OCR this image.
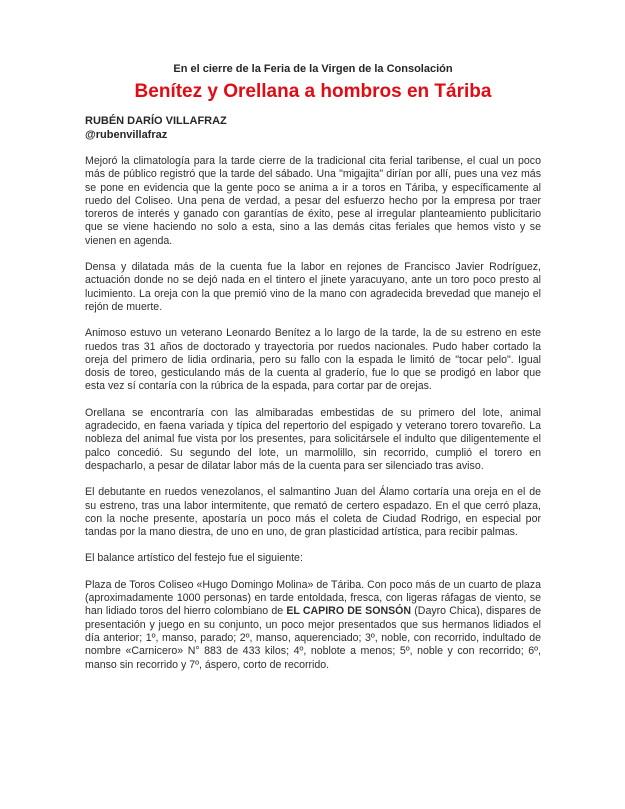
En el cierre de la Feria de la Virgen de la Consolación
Benítez y Orellana a hombros en Táriba
RUBÉN DARÍO VILLAFRAZ
@rubenvillafraz

Mejoró la climatología para la tarde cierre de la tradicional cita ferial taribense, el cual un poco más de público registró que la tarde del sábado. Una "migajita" dirían por allí, pues una vez más se pone en evidencia que la gente poco se anima a ir a toros en Táriba, y específicamente al ruedo del Coliseo. Una pena de verdad, a pesar del esfuerzo hecho por la empresa por traer toreros de interés y ganado con garantías de éxito, pese al irregular planteamiento publicitario que se viene haciendo no solo a esta, sino a las demás citas feriales que hemos visto y se vienen en agenda.

Densa y dilatada más de la cuenta fue la labor en rejones de Francisco Javier Rodríguez, actuación donde no se dejó nada en el tintero el jinete yaracuyano, ante un toro poco presto al lucimiento. La oreja con la que premió vino de la mano con agradecida brevedad que manejo el rejón de muerte.

Animoso estuvo un veterano Leonardo Benítez a lo largo de la tarde, la de su estreno en este ruedos tras 31 años de doctorado y trayectoria por ruedos nacionales. Pudo haber cortado la oreja del primero de lidia ordinaria, pero su fallo con la espada le limitó de "tocar pelo". Igual dosis de toreo, gesticulando más de la cuenta al graderío, fue lo que se prodigó en labor que esta vez sí contaría con la rúbrica de la espada, para cortar par de orejas.

Orellana se encontraría con las almibaradas embestidas de su primero del lote, animal agradecido, en faena variada y típica del repertorio del espigado y veterano torero tovareño. La nobleza del animal fue vista por los presentes, para solicitársele el indulto que diligentemente el palco concedió. Su segundo del lote, un marmolillo, sin recorrido, cumplió el torero en despacharlo, a pesar de dilatar labor más de la cuenta para ser silenciado tras aviso.

El debutante en ruedos venezolanos, el salmantino Juan del Álamo cortaría una oreja en el de su estreno, tras una labor intermitente, que remató de certero espadazo. En el que cerró plaza, con la noche presente, apostaría un poco más el coleta de Ciudad Rodrigo, en especial por tandas por la mano diestra, de uno en uno, de gran plasticidad artística, para recibir palmas.

El balance artístico del festejo fue el siguiente:

Plaza de Toros Coliseo «Hugo Domingo Molina» de Táriba. Con poco más de un cuarto de plaza (aproximadamente 1000 personas) en tarde entoldada, fresca, con ligeras ráfagas de viento, se han lidiado toros del hierro colombiano de EL CAPIRO DE SONSÓN (Dayro Chica), dispares de presentación y juego en su conjunto, un poco mejor presentados que sus hermanos lidiados el día anterior; 1º, manso, parado; 2º, manso, aquerenciado; 3º, noble, con recorrido, indultado de nombre «Carnicero» N° 883 de 433 kilos; 4º, noblote a menos; 5º, noble y con recorrido; 6º, manso sin recorrido y 7º, áspero, corto de recorrido.
